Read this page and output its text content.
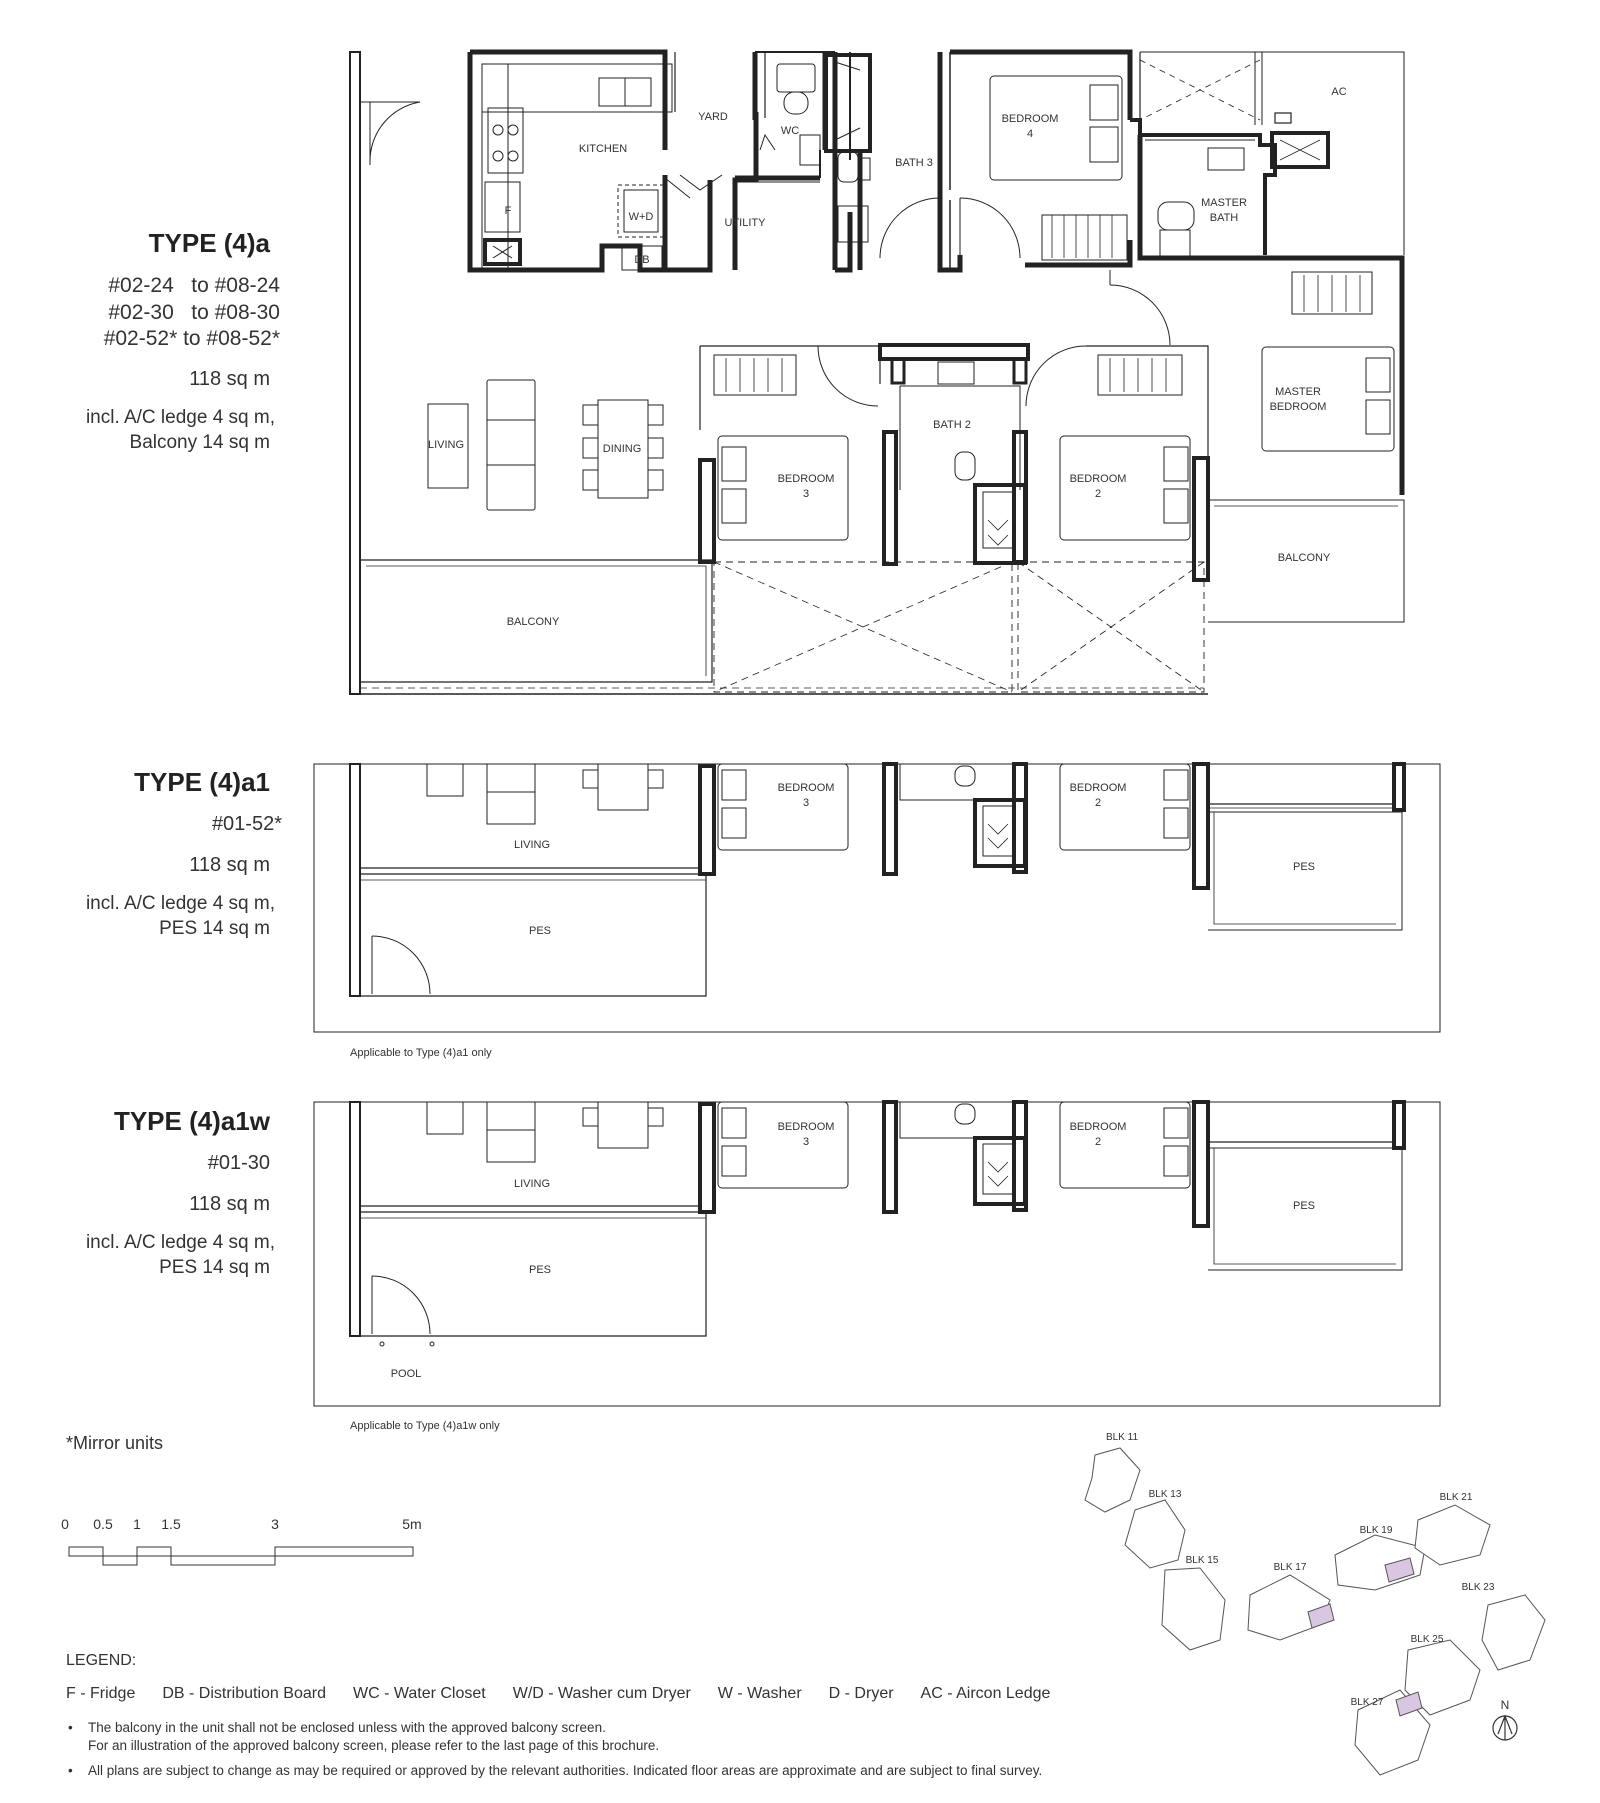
TYPE (4)a
#02-24   to #08-24
#02-30   to #08-30
#02-52* to #08-52*
118 sq m
incl. A/C ledge 4 sq m,
Balcony 14 sq m
TYPE (4)a1
#01-52*
118 sq m
incl. A/C ledge 4 sq m,
PES 14 sq m
TYPE (4)a1w
#01-30
118 sq m
incl. A/C ledge 4 sq m,
PES 14 sq m
*Mirror units
YARD
WC
KITCHEN
F	W+D
DB
UTILITY
BATH 3
BEDROOM
4
AC
MASTER
BATH
LIVING	DINING
BEDROOM
3
BATH 2
BEDROOM
2
MASTER
BEDROOM
BALCONY
BALCONY
LIVING
PES
BEDROOM
3
BEDROOM
2
PES
Applicable to Type (4)a1 only
LIVING
PES
BEDROOM
3
BEDROOM
2
PES
POOL
Applicable to Type (4)a1w only
0 0.5 1 1.5	3	5m
LEGEND:
F - Fridge DB - Distribution Board WC - Water Closet W/D - Washer cum Dryer W - Washer D - Dryer AC - Aircon Ledge
• The balcony in the unit shall not be enclosed unless with the approved balcony screen.
For an illustration of the approved balcony screen, please refer to the last page of this brochure.
• All plans are subject to change as may be required or approved by the relevant authorities. Indicated floor areas are approximate and are subject to final survey.
BLK 11
BLK 13
BLK 15
BLK 17
BLK 19
BLK 21
BLK 23
BLK 25
BLK 27	N
